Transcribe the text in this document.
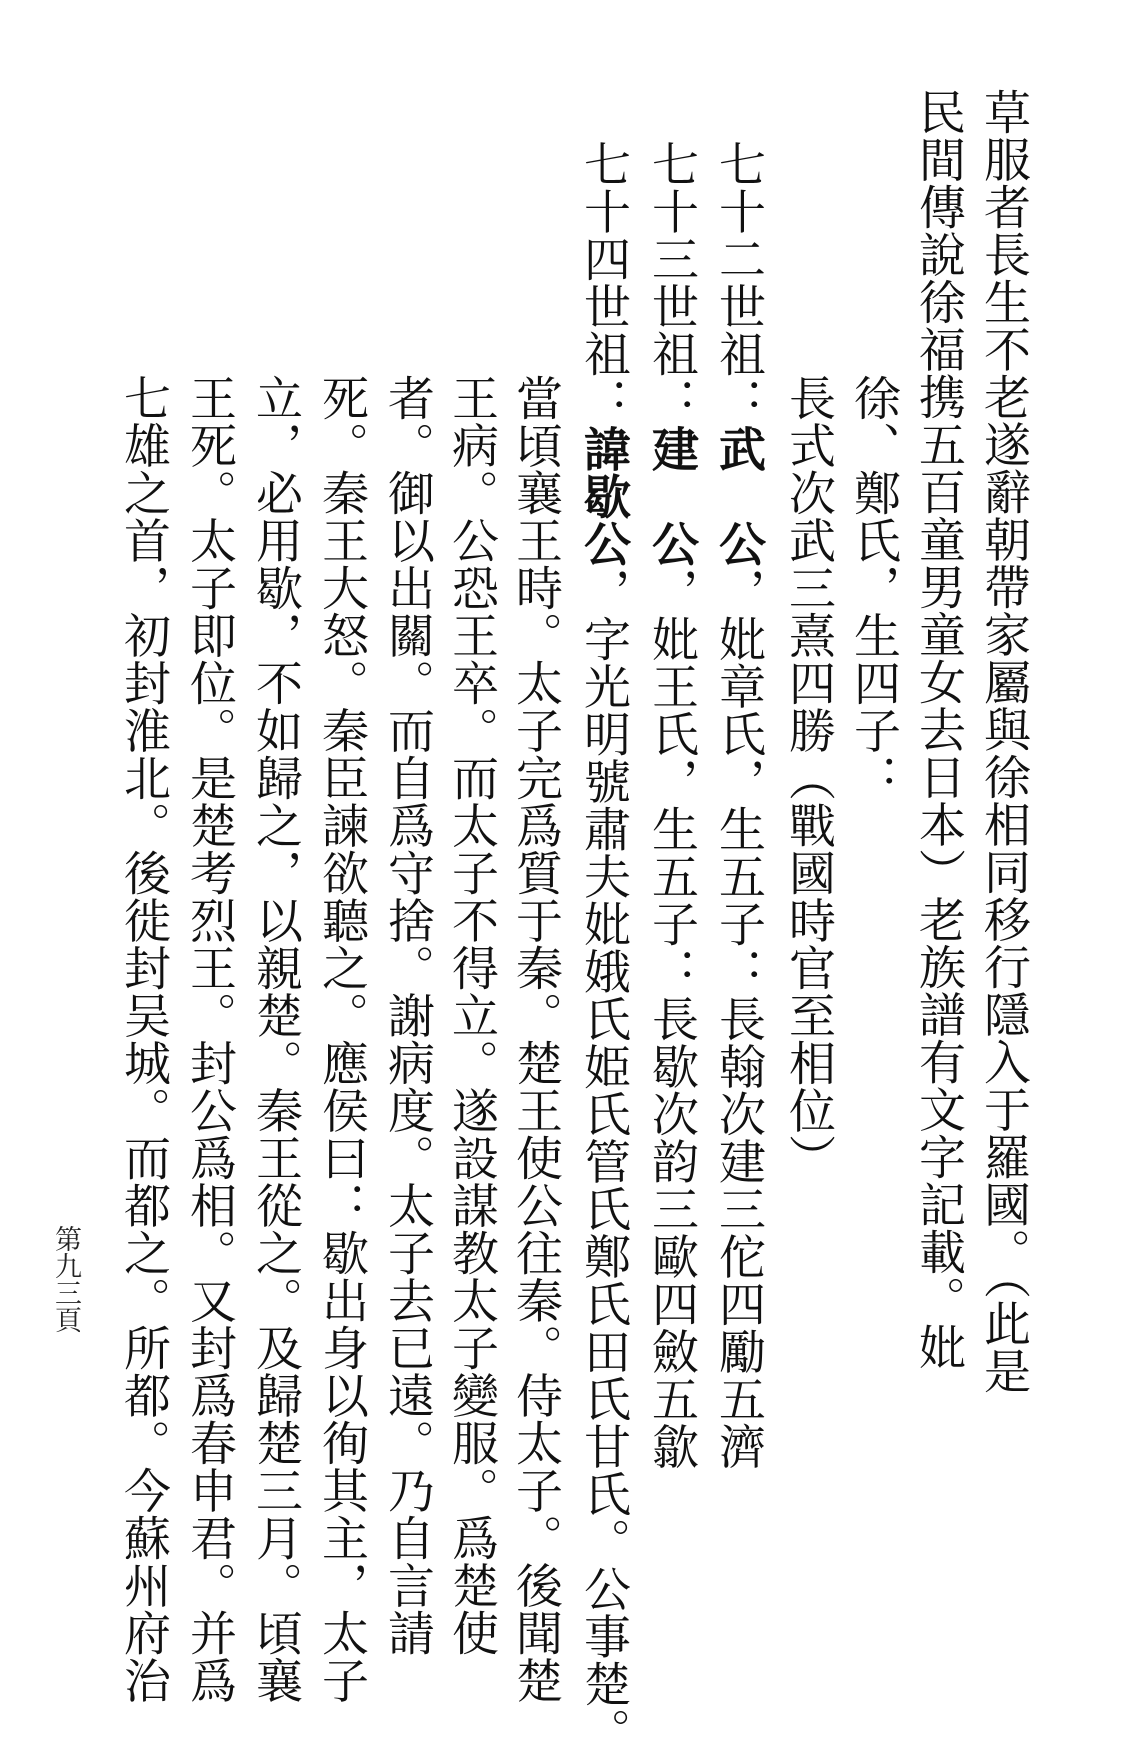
草服者長生不老遂辭朝帶家屬與徐相同移行隱入于羅國。（此是
民間傳說徐福携五百童男童女去日本）老族譜有文字記載。妣
徐、鄭氏，生四子：
長式次武三熹四勝（戰國時官至相位）
七十二世祖：武　公，妣章氏，生五子：長翰次建三佗四勵五濟
七十三世祖：建　公，妣王氏，生五子：長歇次韵三歐四斂五歙
七十四世祖：諱歇公，字光明號肅夫妣娥氏姫氏管氏鄭氏田氏甘氏。公事楚。
當頃襄王時。太子完爲質于秦。楚王使公往秦。侍太子。後聞楚
王病。公恐王卒。而太子不得立。遂設謀教太子變服。爲楚使
者。御以出關。而自爲守捨。謝病度。太子去已遠。乃自言請
死。秦王大怒。秦臣諫欲聽之。應侯曰：歇出身以徇其主，太子
立，必用歇，不如歸之，以親楚。秦王從之。及歸楚三月。頃襄
王死。太子即位。是楚考烈王。封公爲相。又封爲春申君。并爲
七雄之首，初封淮北。後徙封吴城。而都之。所都。今蘇州府治
第九三頁
